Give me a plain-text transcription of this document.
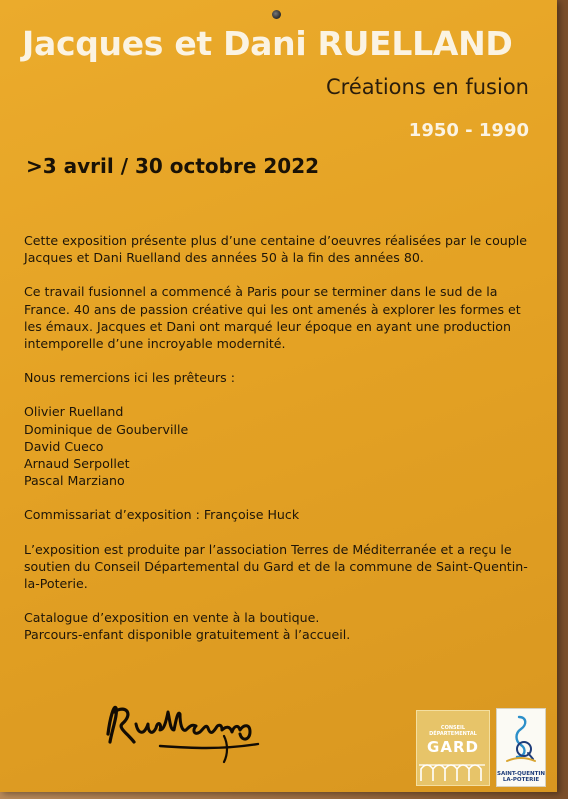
Jacques et Dani RUELLAND
Créations en fusion
1950 - 1990
>3 avril / 30 octobre 2022

Cette exposition présente plus d’une centaine d’oeuvres réalisées par le couple Jacques et Dani Ruelland des années 50 à la fin des années 80.

Ce travail fusionnel a commencé à Paris pour se terminer dans le sud de la France. 40 ans de passion créative qui les ont amenés à explorer les formes et les émaux. Jacques et Dani ont marqué leur époque en ayant une production intemporelle d’une incroyable modernité.

Nous remercions ici les prêteurs :

Olivier Ruelland
Dominique de Gouberville
David Cueco
Arnaud Serpollet
Pascal Marziano

Commissariat d’exposition : Françoise Huck

L’exposition est produite par l’association Terres de Méditerranée et a reçu le soutien du Conseil Départemental du Gard et de la commune de Saint-Quentin-la-Poterie.

Catalogue d’exposition en vente à la boutique.

Parcours-enfant disponible gratuitement à l’accueil.

CONSEIL
DÉPARTEMENTAL
GARD
SAINT-QUENTIN
LA-POTERIE
